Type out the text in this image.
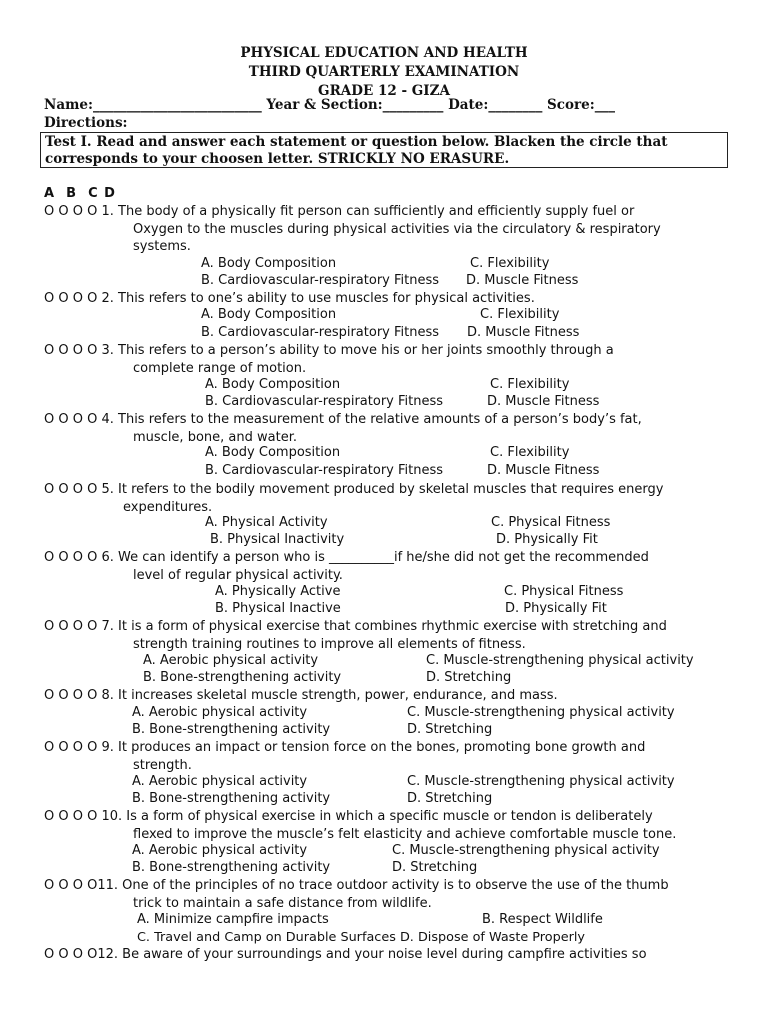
PHYSICAL EDUCATION AND HEALTH
THIRD QUARTERLY EXAMINATION
GRADE 12 - GIZA
Name:_________________________ Year & Section:_________ Date:________ Score:___
Directions:
Test I. Read and answer each statement or question below. Blacken the circle that
corresponds to your choosen letter. STRICKLY NO ERASURE.
A  B  C D
O O O O 1. The body of a physically fit person can sufficiently and efficiently supply fuel or
Oxygen to the muscles during physical activities via the circulatory & respiratory
systems.
A. Body Composition	C. Flexibility
B. Cardiovascular-respiratory Fitness D. Muscle Fitness
O O O O 2. This refers to one’s ability to use muscles for physical activities.
A. Body Composition	C. Flexibility
B. Cardiovascular-respiratory Fitness D. Muscle Fitness
O O O O 3. This refers to a person’s ability to move his or her joints smoothly through a
complete range of motion.
A. Body Composition	C. Flexibility
B. Cardiovascular-respiratory Fitness	D. Muscle Fitness
O O O O 4. This refers to the measurement of the relative amounts of a person’s body’s fat,
muscle, bone, and water.
A. Body Composition	C. Flexibility
B. Cardiovascular-respiratory Fitness	D. Muscle Fitness
O O O O 5. It refers to the bodily movement produced by skeletal muscles that requires energy
expenditures.
A. Physical Activity	C. Physical Fitness
B. Physical Inactivity	D. Physically Fit
O O O O 6. We can identify a person who is __________if he/she did not get the recommended
level of regular physical activity.
A. Physically Active	C. Physical Fitness
B. Physical Inactive	D. Physically Fit
O O O O 7. It is a form of physical exercise that combines rhythmic exercise with stretching and
strength training routines to improve all elements of fitness.
A. Aerobic physical activity	C. Muscle-strengthening physical activity
B. Bone-strengthening activity	D. Stretching
O O O O 8. It increases skeletal muscle strength, power, endurance, and mass.
A. Aerobic physical activity	C. Muscle-strengthening physical activity
B. Bone-strengthening activity	D. Stretching
O O O O 9. It produces an impact or tension force on the bones, promoting bone growth and
strength.
A. Aerobic physical activity	C. Muscle-strengthening physical activity
B. Bone-strengthening activity	D. Stretching
O O O O 10. Is a form of physical exercise in which a specific muscle or tendon is deliberately
flexed to improve the muscle’s felt elasticity and achieve comfortable muscle tone.
A. Aerobic physical activity	C. Muscle-strengthening physical activity
B. Bone-strengthening activity	D. Stretching
O O O O11. One of the principles of no trace outdoor activity is to observe the use of the thumb
trick to maintain a safe distance from wildlife.
A. Minimize campfire impacts	B. Respect Wildlife
C. Travel and Camp on Durable Surfaces D. Dispose of Waste Properly
O O O O12. Be aware of your surroundings and your noise level during campfire activities so
